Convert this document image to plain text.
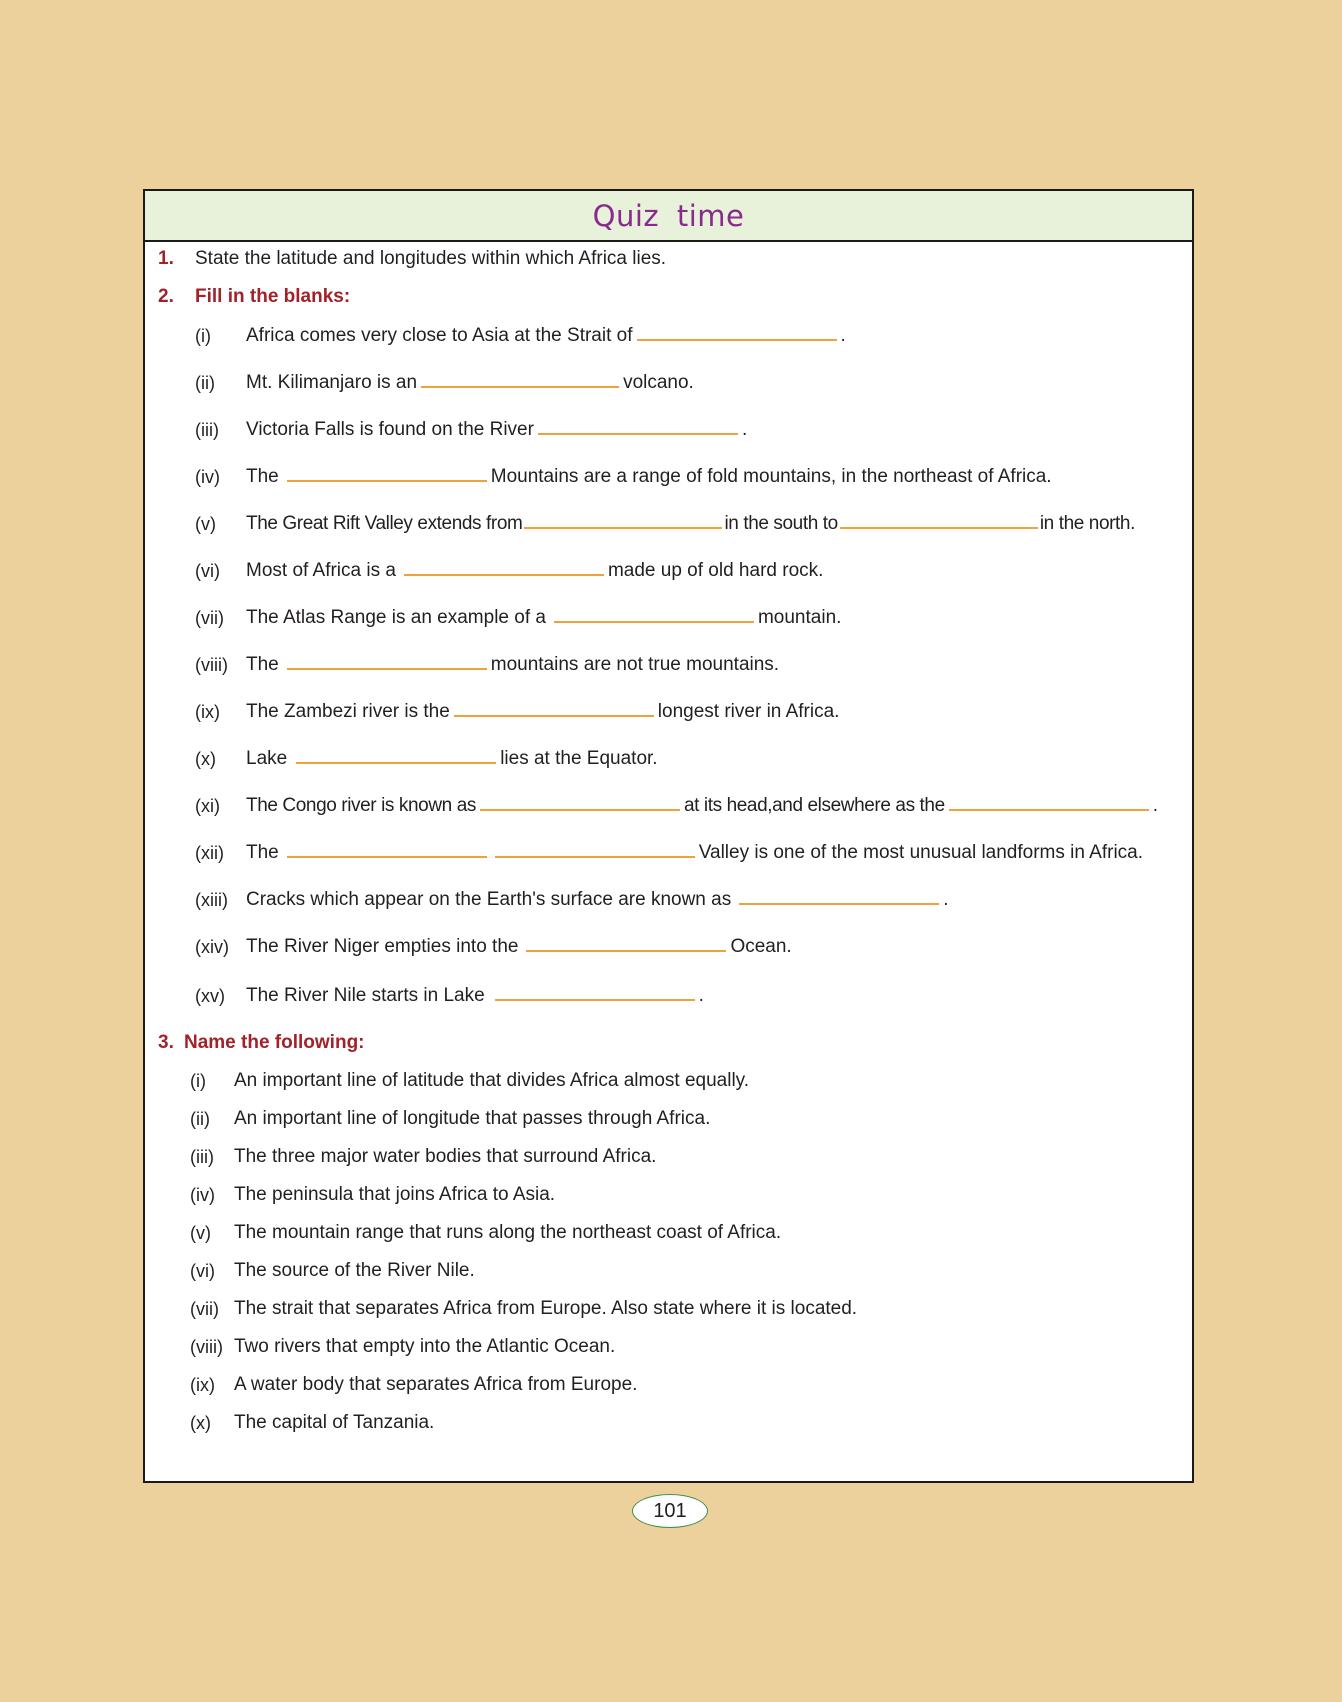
Quiz time
1. State the latitude and longitudes within which Africa lies.
2. Fill in the blanks:
(i) Africa comes very close to Asia at the Strait of	.
(ii) Mt. Kilimanjaro is an	volcano.
(iii) Victoria Falls is found on the River	.
(iv) The	Mountains are a range of fold mountains, in the northeast of Africa.
(v) The Great Rift Valley extends from	in the south to	in the north.
(vi) Most of Africa is a	made up of old hard rock.
(vii) The Atlas Range is an example of a	mountain.
(viii) The	mountains are not true mountains.
(ix) The Zambezi river is the	longest river in Africa.
(x) Lake	lies at the Equator.
(xi) The Congo river is known as	at its head,and elsewhere as the	.
(xii) The	Valley is one of the most unusual landforms in Africa.
(xiii) Cracks which appear on the Earth's surface are known as	.
(xiv) The River Niger empties into the	Ocean.
(xv) The River Nile starts in Lake	.
3. Name the following:
(i) An important line of latitude that divides Africa almost equally.
(ii) An important line of longitude that passes through Africa.
(iii) The three major water bodies that surround Africa.
(iv) The peninsula that joins Africa to Asia.
(v) The mountain range that runs along the northeast coast of Africa.
(vi) The source of the River Nile.
(vii) The strait that separates Africa from Europe. Also state where it is located.
(viii) Two rivers that empty into the Atlantic Ocean.
(ix) A water body that separates Africa from Europe.
(x) The capital of Tanzania.
101
